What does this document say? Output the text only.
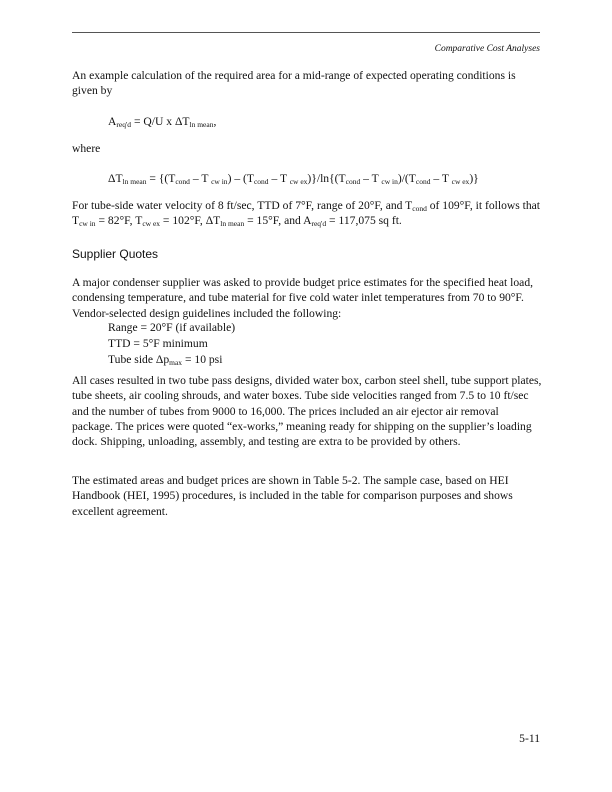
Comparative Cost Analyses
An example calculation of the required area for a mid-range of expected operating conditions is given by
$A_{req'd} = Q/U$ x $\Delta T_{ln mean}$,
where
$\Delta T_{ln mean} = \{(T_{cond} - T$ $_{cw in}) - (T_{cond}$ – T $_{cw ex})\}/\ln\{(T_{cond}$ – T $_{cw in})/(T_{cond}$ – T $_{cw ex}$)}
For tube-side water velocity of 8 ft/sec, TTD of 7°F, range of 20°F, and $T_{cond}$ of 109°F, it follows that $T_{cw in} = 82^\circ F$, $T_{cw ex} = 102^\circ F$, $\Delta T_{ln mean} = 15^\circ F$, and $A_{req'd} = 117,075$ sq ft.
Supplier Quotes
A major condenser supplier was asked to provide budget price estimates for the specified heat load, condensing temperature, and tube material for five cold water inlet temperatures from 70 to 90°F. Vendor-selected design guidelines included the following:
Range = 20°F (if available)
TTD = 5°F minimum
Tube side $\Delta p_{max} = 10$ psi
All cases resulted in two tube pass designs, divided water box, carbon steel shell, tube support plates, tube sheets, air cooling shrouds, and water boxes. Tube side velocities ranged from 7.5 to 10 ft/sec and the number of tubes from 9000 to 16,000. The prices included an air ejector air removal package. The prices were quoted “ex-works,” meaning ready for shipping on the supplier’s loading dock. Shipping, unloading, assembly, and testing are extra to be provided by others.
The estimated areas and budget prices are shown in Table 5-2. The sample case, based on HEI Handbook (HEI, 1995) procedures, is included in the table for comparison purposes and shows excellent agreement.
5-11
